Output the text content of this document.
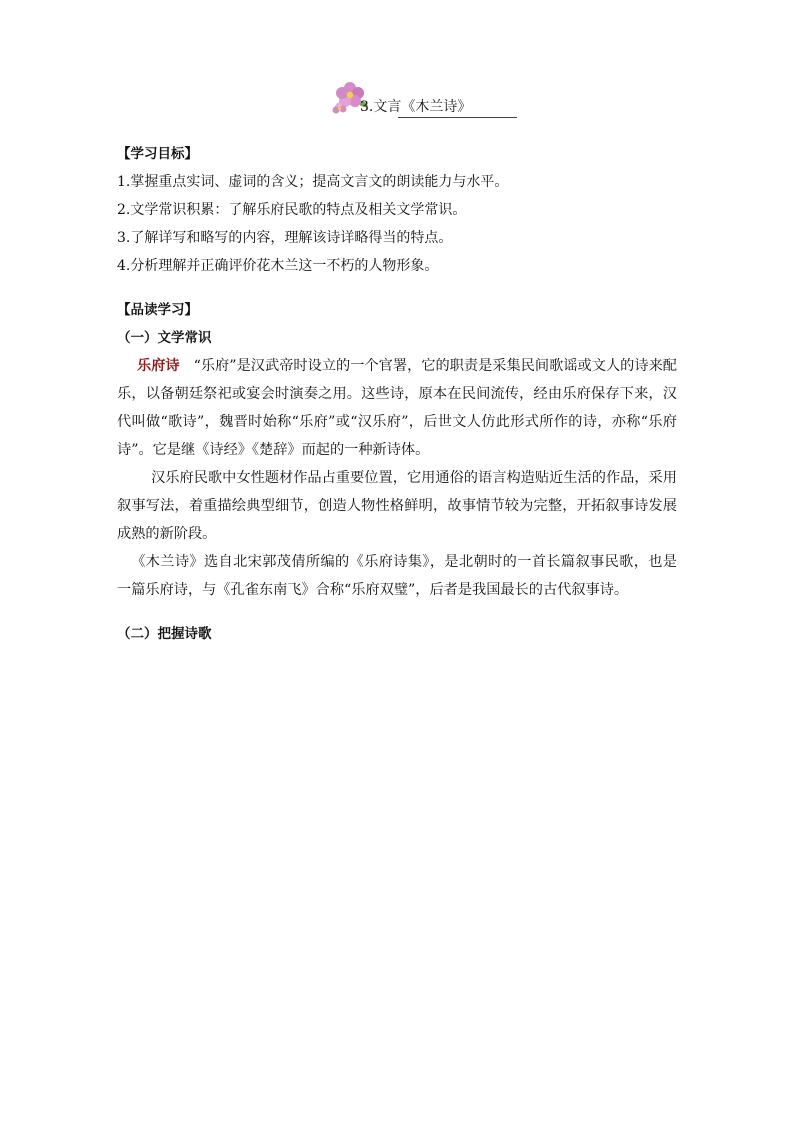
3.文言《木兰诗》
【学习目标】
1.掌握重点实词、虚词的含义；提高文言文的朗读能力与水平。
2.文学常识积累：了解乐府民歌的特点及相关文学常识。
3.了解详写和略写的内容，理解该诗详略得当的特点。
4.分析理解并正确评价花木兰这一不朽的人物形象。
【品读学习】
（一）文学常识
乐府诗 “乐府”是汉武帝时设立的一个官署，它的职责是采集民间歌谣或文人的诗来配乐，以备朝廷祭祀或宴会时演奏之用。这些诗，原本在民间流传，经由乐府保存下来，汉代叫做“歌诗”，魏晋时始称“乐府”或“汉乐府”，后世文人仿此形式所作的诗，亦称“乐府诗”。它是继《诗经》《楚辞》而起的一种新诗体。
汉乐府民歌中女性题材作品占重要位置，它用通俗的语言构造贴近生活的作品，采用叙事写法，着重描绘典型细节，创造人物性格鲜明，故事情节较为完整，开拓叙事诗发展成熟的新阶段。
《木兰诗》选自北宋郭茂倩所编的《乐府诗集》，是北朝时的一首长篇叙事民歌，也是一篇乐府诗，与《孔雀东南飞》合称“乐府双璧”，后者是我国最长的古代叙事诗。
（二）把握诗歌
